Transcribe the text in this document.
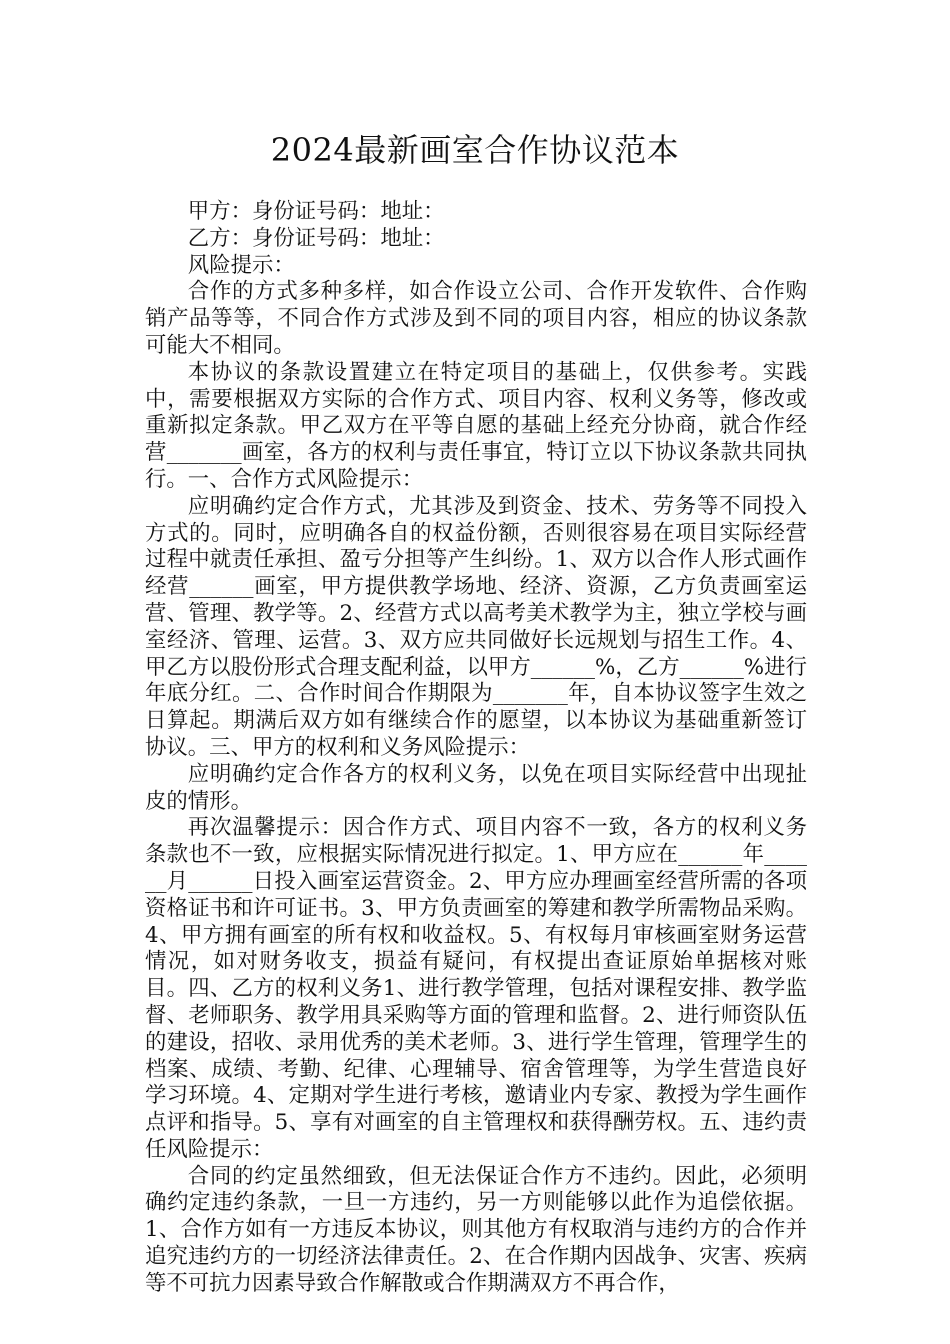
2024最新画室合作协议范本

甲方：身份证号码：地址：

乙方：身份证号码：地址：

风险提示：

合作的方式多种多样，如合作设立公司、合作开发软件、合作购销产品等等，不同合作方式涉及到不同的项目内容，相应的协议条款可能大不相同。

本协议的条款设置建立在特定项目的基础上，仅供参考。实践中，需要根据双方实际的合作方式、项目内容、权利义务等，修改或重新拟定条款。甲乙双方在平等自愿的基础上经充分协商，就合作经营_______画室，各方的权利与责任事宜，特订立以下协议条款共同执行。一、合作方式风险提示：

应明确约定合作方式，尤其涉及到资金、技术、劳务等不同投入方式的。同时，应明确各自的权益份额，否则很容易在项目实际经营过程中就责任承担、盈亏分担等产生纠纷。1、双方以合作人形式画作经营______画室，甲方提供教学场地、经济、资源，乙方负责画室运营、管理、教学等。2、经营方式以高考美术教学为主，独立学校与画室经济、管理、运营。3、双方应共同做好长远规划与招生工作。4、甲乙方以股份形式合理支配利益，以甲方______%，乙方______%进行年底分红。二、合作时间合作期限为_______年，自本协议签字生效之日算起。期满后双方如有继续合作的愿望，以本协议为基础重新签订协议。三、甲方的权利和义务风险提示：

应明确约定合作各方的权利义务，以免在项目实际经营中出现扯皮的情形。

再次温馨提示：因合作方式、项目内容不一致，各方的权利义务条款也不一致，应根据实际情况进行拟定。1、甲方应在______年______月______日投入画室运营资金。2、甲方应办理画室经营所需的各项资格证书和许可证书。3、甲方负责画室的筹建和教学所需物品采购。4、甲方拥有画室的所有权和收益权。5、有权每月审核画室财务运营情况，如对财务收支，损益有疑问，有权提出查证原始单据核对账目。四、乙方的权利义务1、进行教学管理，包括对课程安排、教学监督、老师职务、教学用具采购等方面的管理和监督。2、进行师资队伍的建设，招收、录用优秀的美术老师。3、进行学生管理，管理学生的档案、成绩、考勤、纪律、心理辅导、宿舍管理等，为学生营造良好学习环境。4、定期对学生进行考核，邀请业内专家、教授为学生画作点评和指导。5、享有对画室的自主管理权和获得酬劳权。五、违约责任风险提示：

合同的约定虽然细致，但无法保证合作方不违约。因此，必须明确约定违约条款，一旦一方违约，另一方则能够以此作为追偿依据。1、合作方如有一方违反本协议，则其他方有权取消与违约方的合作并追究违约方的一切经济法律责任。2、在合作期内因战争、灾害、疾病等不可抗力因素导致合作解散或合作期满双方不再合作，
